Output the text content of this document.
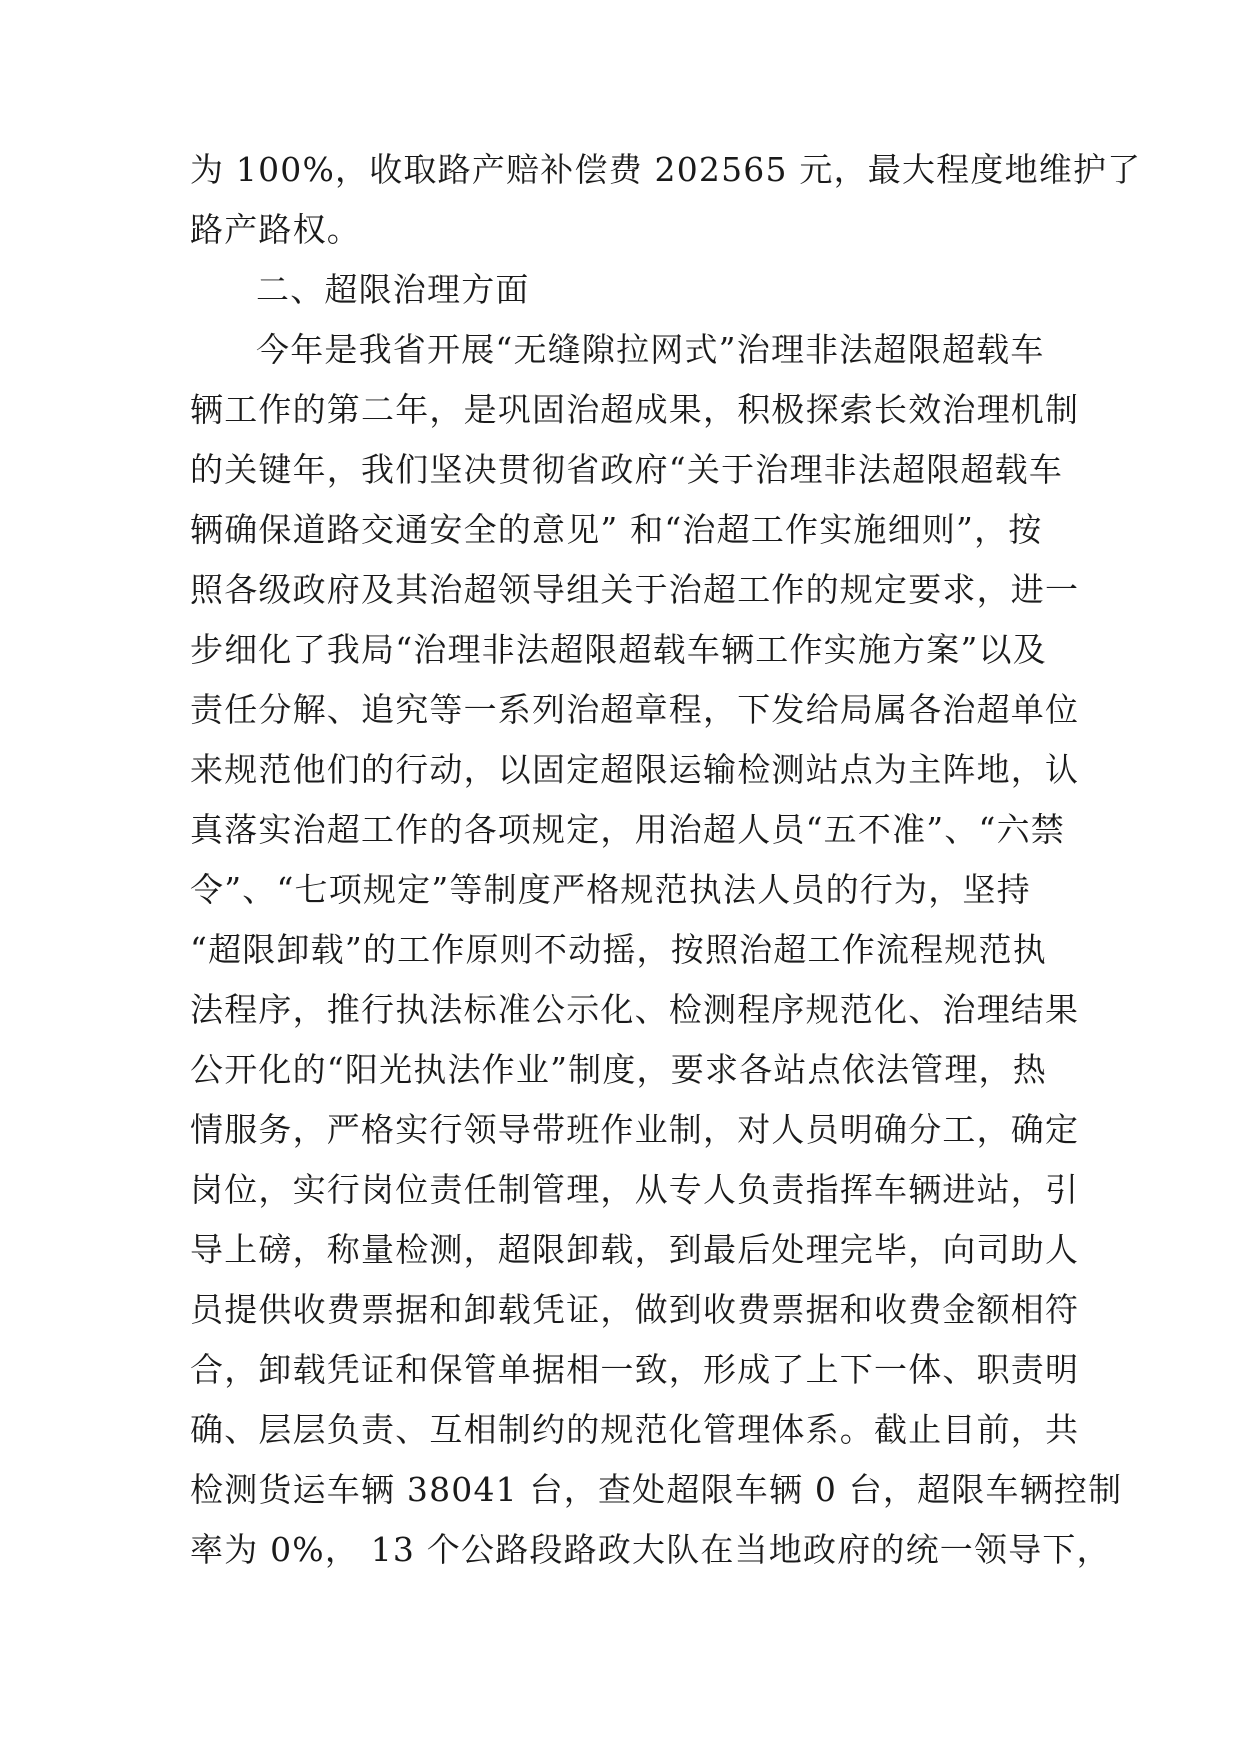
为 100%，收取路产赔补偿费 202565 元，最大程度地维护了
路产路权。
二、超限治理方面
今年是我省开展“无缝隙拉网式”治理非法超限超载车
辆工作的第二年，是巩固治超成果，积极探索长效治理机制
的关键年，我们坚决贯彻省政府“关于治理非法超限超载车
辆确保道路交通安全的意见” 和“治超工作实施细则”，按
照各级政府及其治超领导组关于治超工作的规定要求，进一
步细化了我局“治理非法超限超载车辆工作实施方案”以及
责任分解、追究等一系列治超章程，下发给局属各治超单位
来规范他们的行动，以固定超限运输检测站点为主阵地，认
真落实治超工作的各项规定，用治超人员“五不准”、“六禁
令”、“七项规定”等制度严格规范执法人员的行为，坚持
“超限卸载”的工作原则不动摇，按照治超工作流程规范执
法程序，推行执法标准公示化、检测程序规范化、治理结果
公开化的“阳光执法作业”制度，要求各站点依法管理，热
情服务，严格实行领导带班作业制，对人员明确分工，确定
岗位，实行岗位责任制管理，从专人负责指挥车辆进站，引
导上磅，称量检测，超限卸载，到最后处理完毕，向司助人
员提供收费票据和卸载凭证，做到收费票据和收费金额相符
合，卸载凭证和保管单据相一致，形成了上下一体、职责明
确、层层负责、互相制约的规范化管理体系。截止目前，共
检测货运车辆 38041 台，查处超限车辆 0 台，超限车辆控制
率为 0%， 13 个公路段路政大队在当地政府的统一领导下，
